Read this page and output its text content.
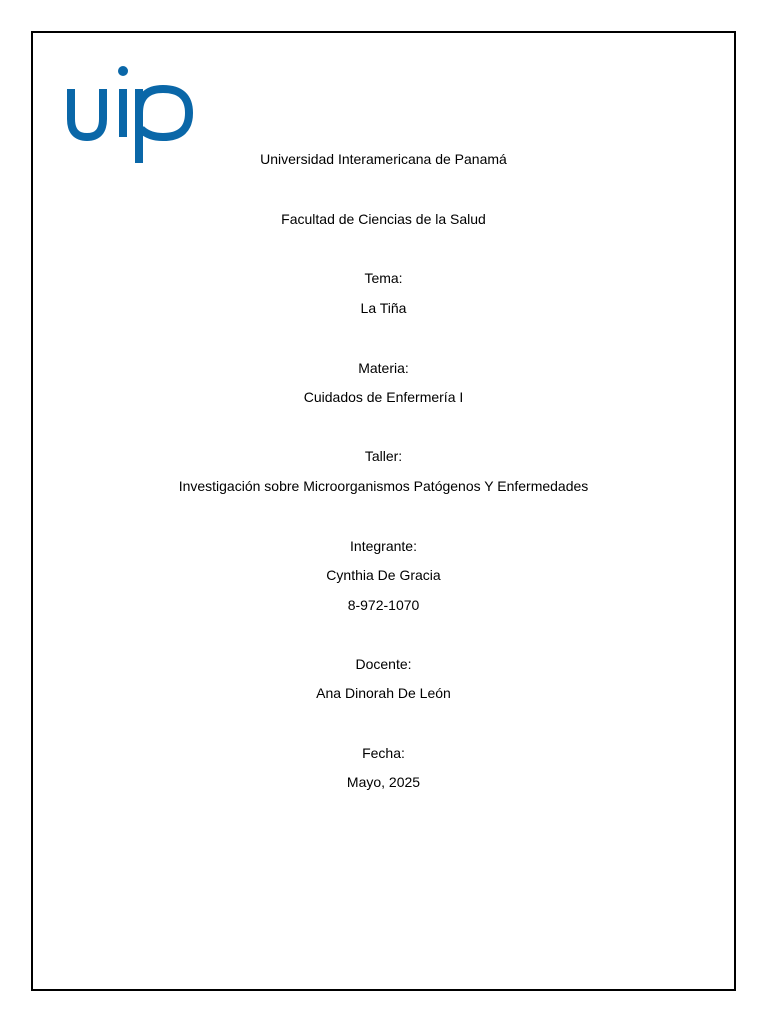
Universidad Interamericana de Panamá
Facultad de Ciencias de la Salud
Tema:
La Tiña
Materia:
Cuidados de Enfermería I
Taller:
Investigación sobre Microorganismos Patógenos Y Enfermedades
Integrante:
Cynthia De Gracia
8-972-1070
Docente:
Ana Dinorah De León
Fecha:
Mayo, 2025
